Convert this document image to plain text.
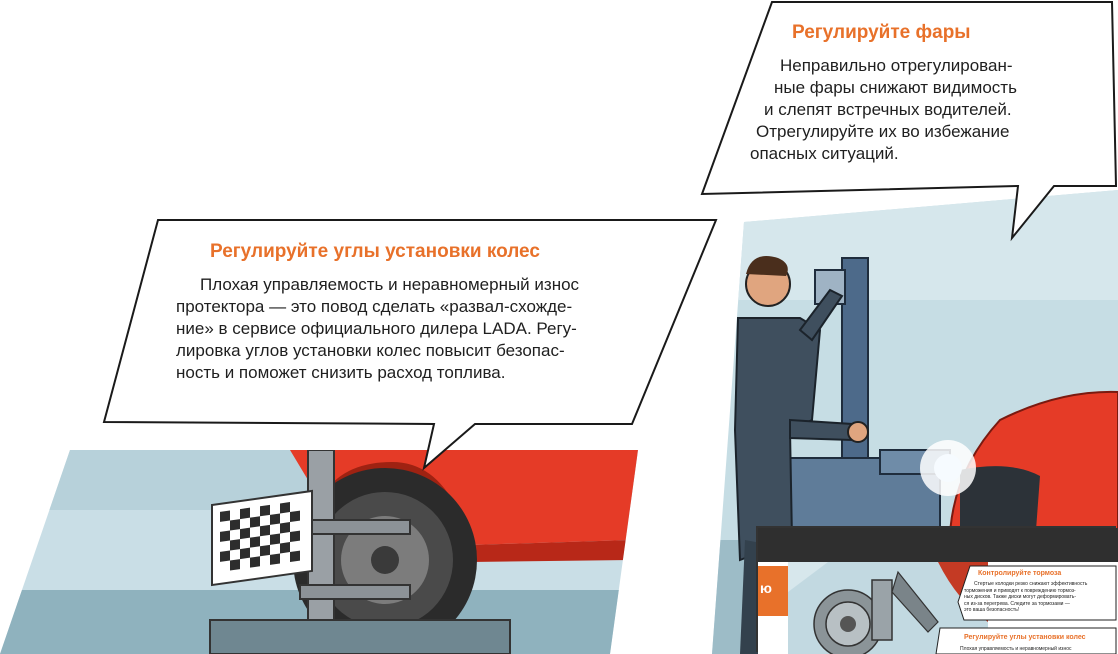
Регулируйте углы установки колес
Плохая управляемость и неравномерный износ
протектора — это повод сделать «развал-схожде-
ние» в сервисе официального дилера LADA. Регу-
лировка углов установки колес повысит безопас-
ность и поможет снизить расход топлива.
Регулируйте фары
Неправильно отрегулирован-
ные фары снижают видимость
и слепят встречных водителей.
Отрегулируйте их во избежание
опасных ситуаций.
ю
Контролируйте тормоза
Стертые колодки резко снижают эффективность
торможения и приводят к повреждению тормоз-
ных дисков. Также диски могут деформировать-
ся из-за перегрева. Следите за тормозами —
это ваша безопасность!
Регулируйте углы установки колес
Плохая управляемость и неравномерный износ
